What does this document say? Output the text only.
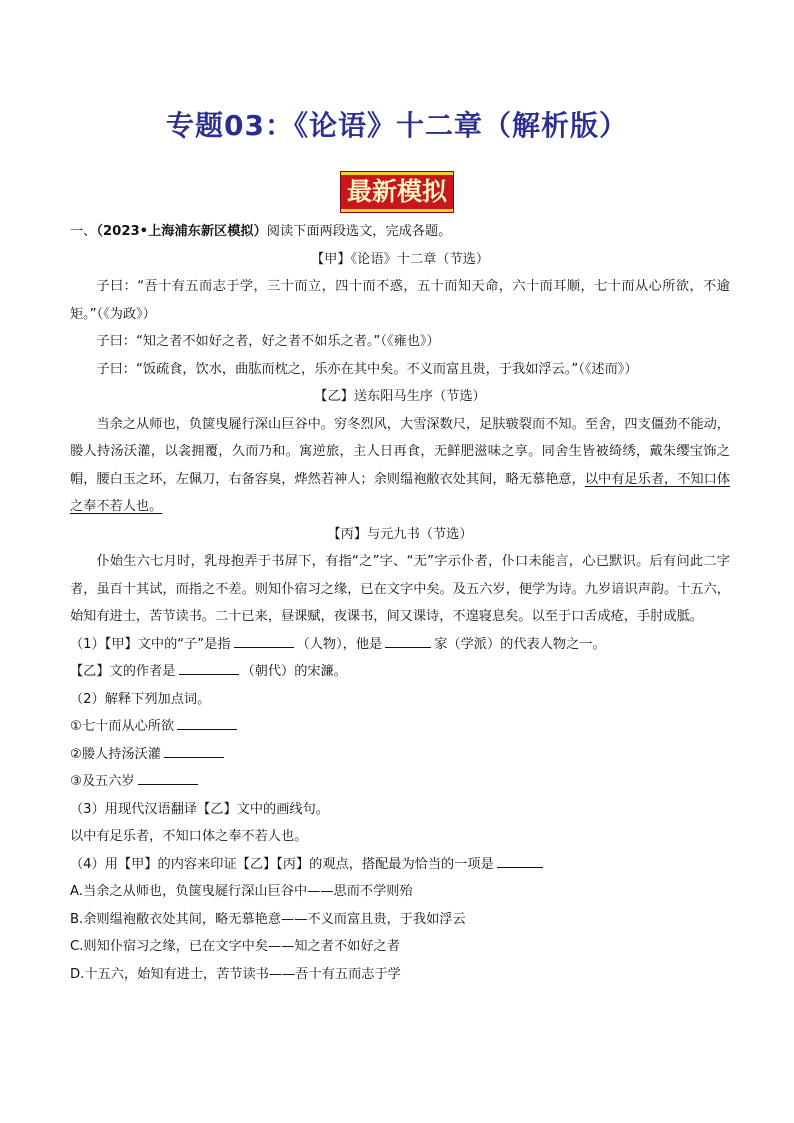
专题03：《论语》十二章（解析版）
最新模拟

一、（2023•上海浦东新区模拟）阅读下面两段选文，完成各题。

【甲】《论语》十二章（节选）

子曰：“吾十有五而志于学，三十而立，四十而不惑，五十而知天命，六十而耳顺，七十而从心所欲，不逾矩。”（《为政》）

子曰：“知之者不如好之者，好之者不如乐之者。”（《雍也》）

子曰：“饭疏食，饮水，曲肱而枕之，乐亦在其中矣。不义而富且贵，于我如浮云。”（《述而》）

【乙】送东阳马生序（节选）

当余之从师也，负箧曳屣行深山巨谷中。穷冬烈风，大雪深数尺，足肤皲裂而不知。至舍，四支僵劲不能动，媵人持汤沃灌，以衾拥覆，久而乃和。寓逆旅，主人日再食，无鲜肥滋味之享。同舍生皆被绮绣，戴朱缨宝饰之帽，腰白玉之环，左佩刀，右备容臭，烨然若神人；余则缊袍敝衣处其间，略无慕艳意，以中有足乐者，不知口体之奉不若人也。

【丙】与元九书（节选）

仆始生六七月时，乳母抱弄于书屏下，有指“之”字、“无”字示仆者，仆口未能言，心已默识。后有问此二字者，虽百十其试，而指之不差。则知仆宿习之缘，已在文字中矣。及五六岁，便学为诗。九岁谙识声韵。十五六，始知有进士，苦节读书。二十已来，昼课赋，夜课书，间又课诗，不遑寝息矣。以至于口舌成疮，手肘成胝。

（1）【甲】文中的“子”是指	（人物），他是	家（学派）的代表人物之一。

【乙】文的作者是	（朝代）的宋濂。

（2）解释下列加点词。

①七十而从心所欲

②媵人持汤沃灌

③及五六岁

（3）用现代汉语翻译【乙】文中的画线句。

以中有足乐者，不知口体之奉不若人也。

（4）用【甲】的内容来印证【乙】【丙】的观点，搭配最为恰当的一项是

A.当余之从师也，负箧曳屣行深山巨谷中——思而不学则殆

B.余则缊袍敝衣处其间，略无慕艳意——不义而富且贵，于我如浮云

C.则知仆宿习之缘，已在文字中矣——知之者不如好之者

D.十五六，始知有进士，苦节读书——吾十有五而志于学
